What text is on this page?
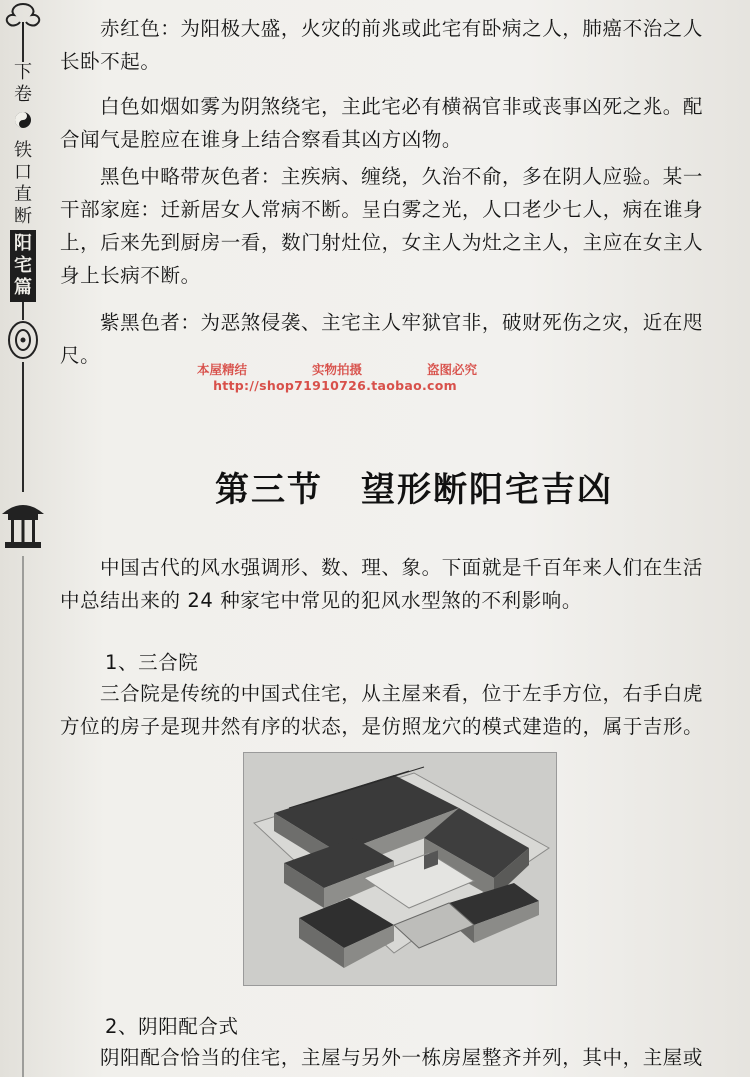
下
卷
铁
口
直
断
阳
宅
篇
赤红色：为阳极大盛，火灾的前兆或此宅有卧病之人，肺癌不治之人
长卧不起。
白色如烟如雾为阴煞绕宅，主此宅必有横祸官非或丧事凶死之兆。配
合闻气是腔应在谁身上结合察看其凶方凶物。
黑色中略带灰色者：主疾病、缠绕，久治不俞，多在阴人应验。某一
干部家庭：迁新居女人常病不断。呈白雾之光，人口老少七人，病在谁身
上，后来先到厨房一看，数门射灶位，女主人为灶之主人，主应在女主人
身上长病不断。
紫黑色者：为恶煞侵袭、主宅主人牢狱官非，破财死伤之灾，近在咫
尺。
中国古代的风水强调形、数、理、象。下面就是千百年来人们在生活
中总结出来的 24 种家宅中常见的犯风水型煞的不利影响。
1、三合院
三合院是传统的中国式住宅，从主屋来看，位于左手方位，右手白虎
方位的房子是现井然有序的状态，是仿照龙穴的模式建造的，属于吉形。
2、阴阳配合式
阴阳配合恰当的住宅，主屋与另外一栋房屋整齐并列，其中，主屋或
本屋精结	实物拍摄	盗图必究
http://shop71910726.taobao.com
第三节 望形断阳宅吉凶
